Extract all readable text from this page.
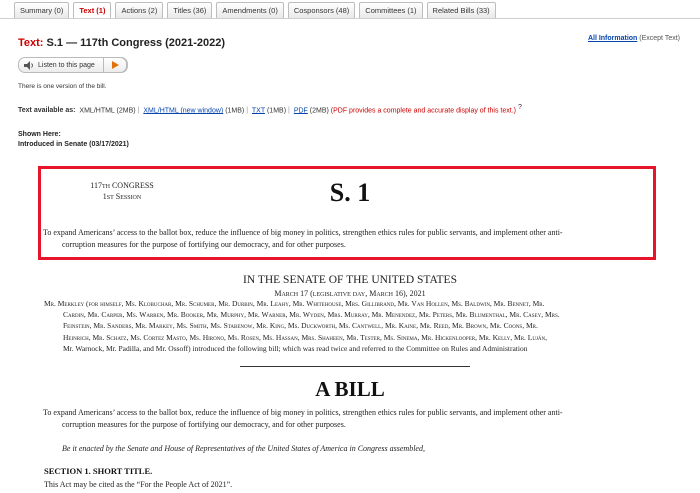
Summary (0)	Text (1)	Actions (2)	Titles (36)	Amendments (0)	Cosponsors (48)	Committees (1)	Related Bills (33)
Text: S.1 — 117th Congress (2021-2022)	All Information (Except Text)
Listen to this page
There is one version of the bill.
Text available as: XML/HTML (2MB) | XML/HTML (new window) (1MB) | TXT (1MB) | PDF (2MB) (PDF provides a complete and accurate display of this text.) ?
Shown Here:
Introduced in Senate (03/17/2021)
117th CONGRESS
1st Session	S. 1
To expand Americans’ access to the ballot box, reduce the influence of big money in politics, strengthen ethics rules for public servants, and implement other anti-
corruption measures for the purpose of fortifying our democracy, and for other purposes.
IN THE SENATE OF THE UNITED STATES
March 17 (legislative day, March 16), 2021
Mr. Merkley (for himself, Ms. Klobuchar, Mr. Schumer, Mr. Durbin, Mr. Leahy, Mr. Whitehouse, Mrs. Gillibrand, Mr. Van Hollen, Ms. Baldwin, Mr. Bennet, Mr.
Cardin, Mr. Carper, Ms. Warren, Mr. Booker, Mr. Murphy, Mr. Warner, Mr. Wyden, Mrs. Murray, Mr. Menendez, Mr. Peters, Mr. Blumenthal, Mr. Casey, Mrs.
Feinstein, Mr. Sanders, Mr. Markey, Ms. Smith, Ms. Stabenow, Mr. King, Ms. Duckworth, Ms. Cantwell, Mr. Kaine, Mr. Reed, Mr. Brown, Mr. Coons, Mr.
Heinrich, Mr. Schatz, Ms. Cortez Masto, Ms. Hirono, Ms. Rosen, Ms. Hassan, Mrs. Shaheen, Mr. Tester, Ms. Sinema, Mr. Hickenlooper, Mr. Kelly, Mr. Luján,
Mr. Warnock, Mr. Padilla, and Mr. Ossoff) introduced the following bill; which was read twice and referred to the Committee on Rules and Administration
A BILL
To expand Americans’ access to the ballot box, reduce the influence of big money in politics, strengthen ethics rules for public servants, and implement other anti-
corruption measures for the purpose of fortifying our democracy, and for other purposes.
Be it enacted by the Senate and House of Representatives of the United States of America in Congress assembled,
SECTION 1. SHORT TITLE.
This Act may be cited as the “For the People Act of 2021”.
